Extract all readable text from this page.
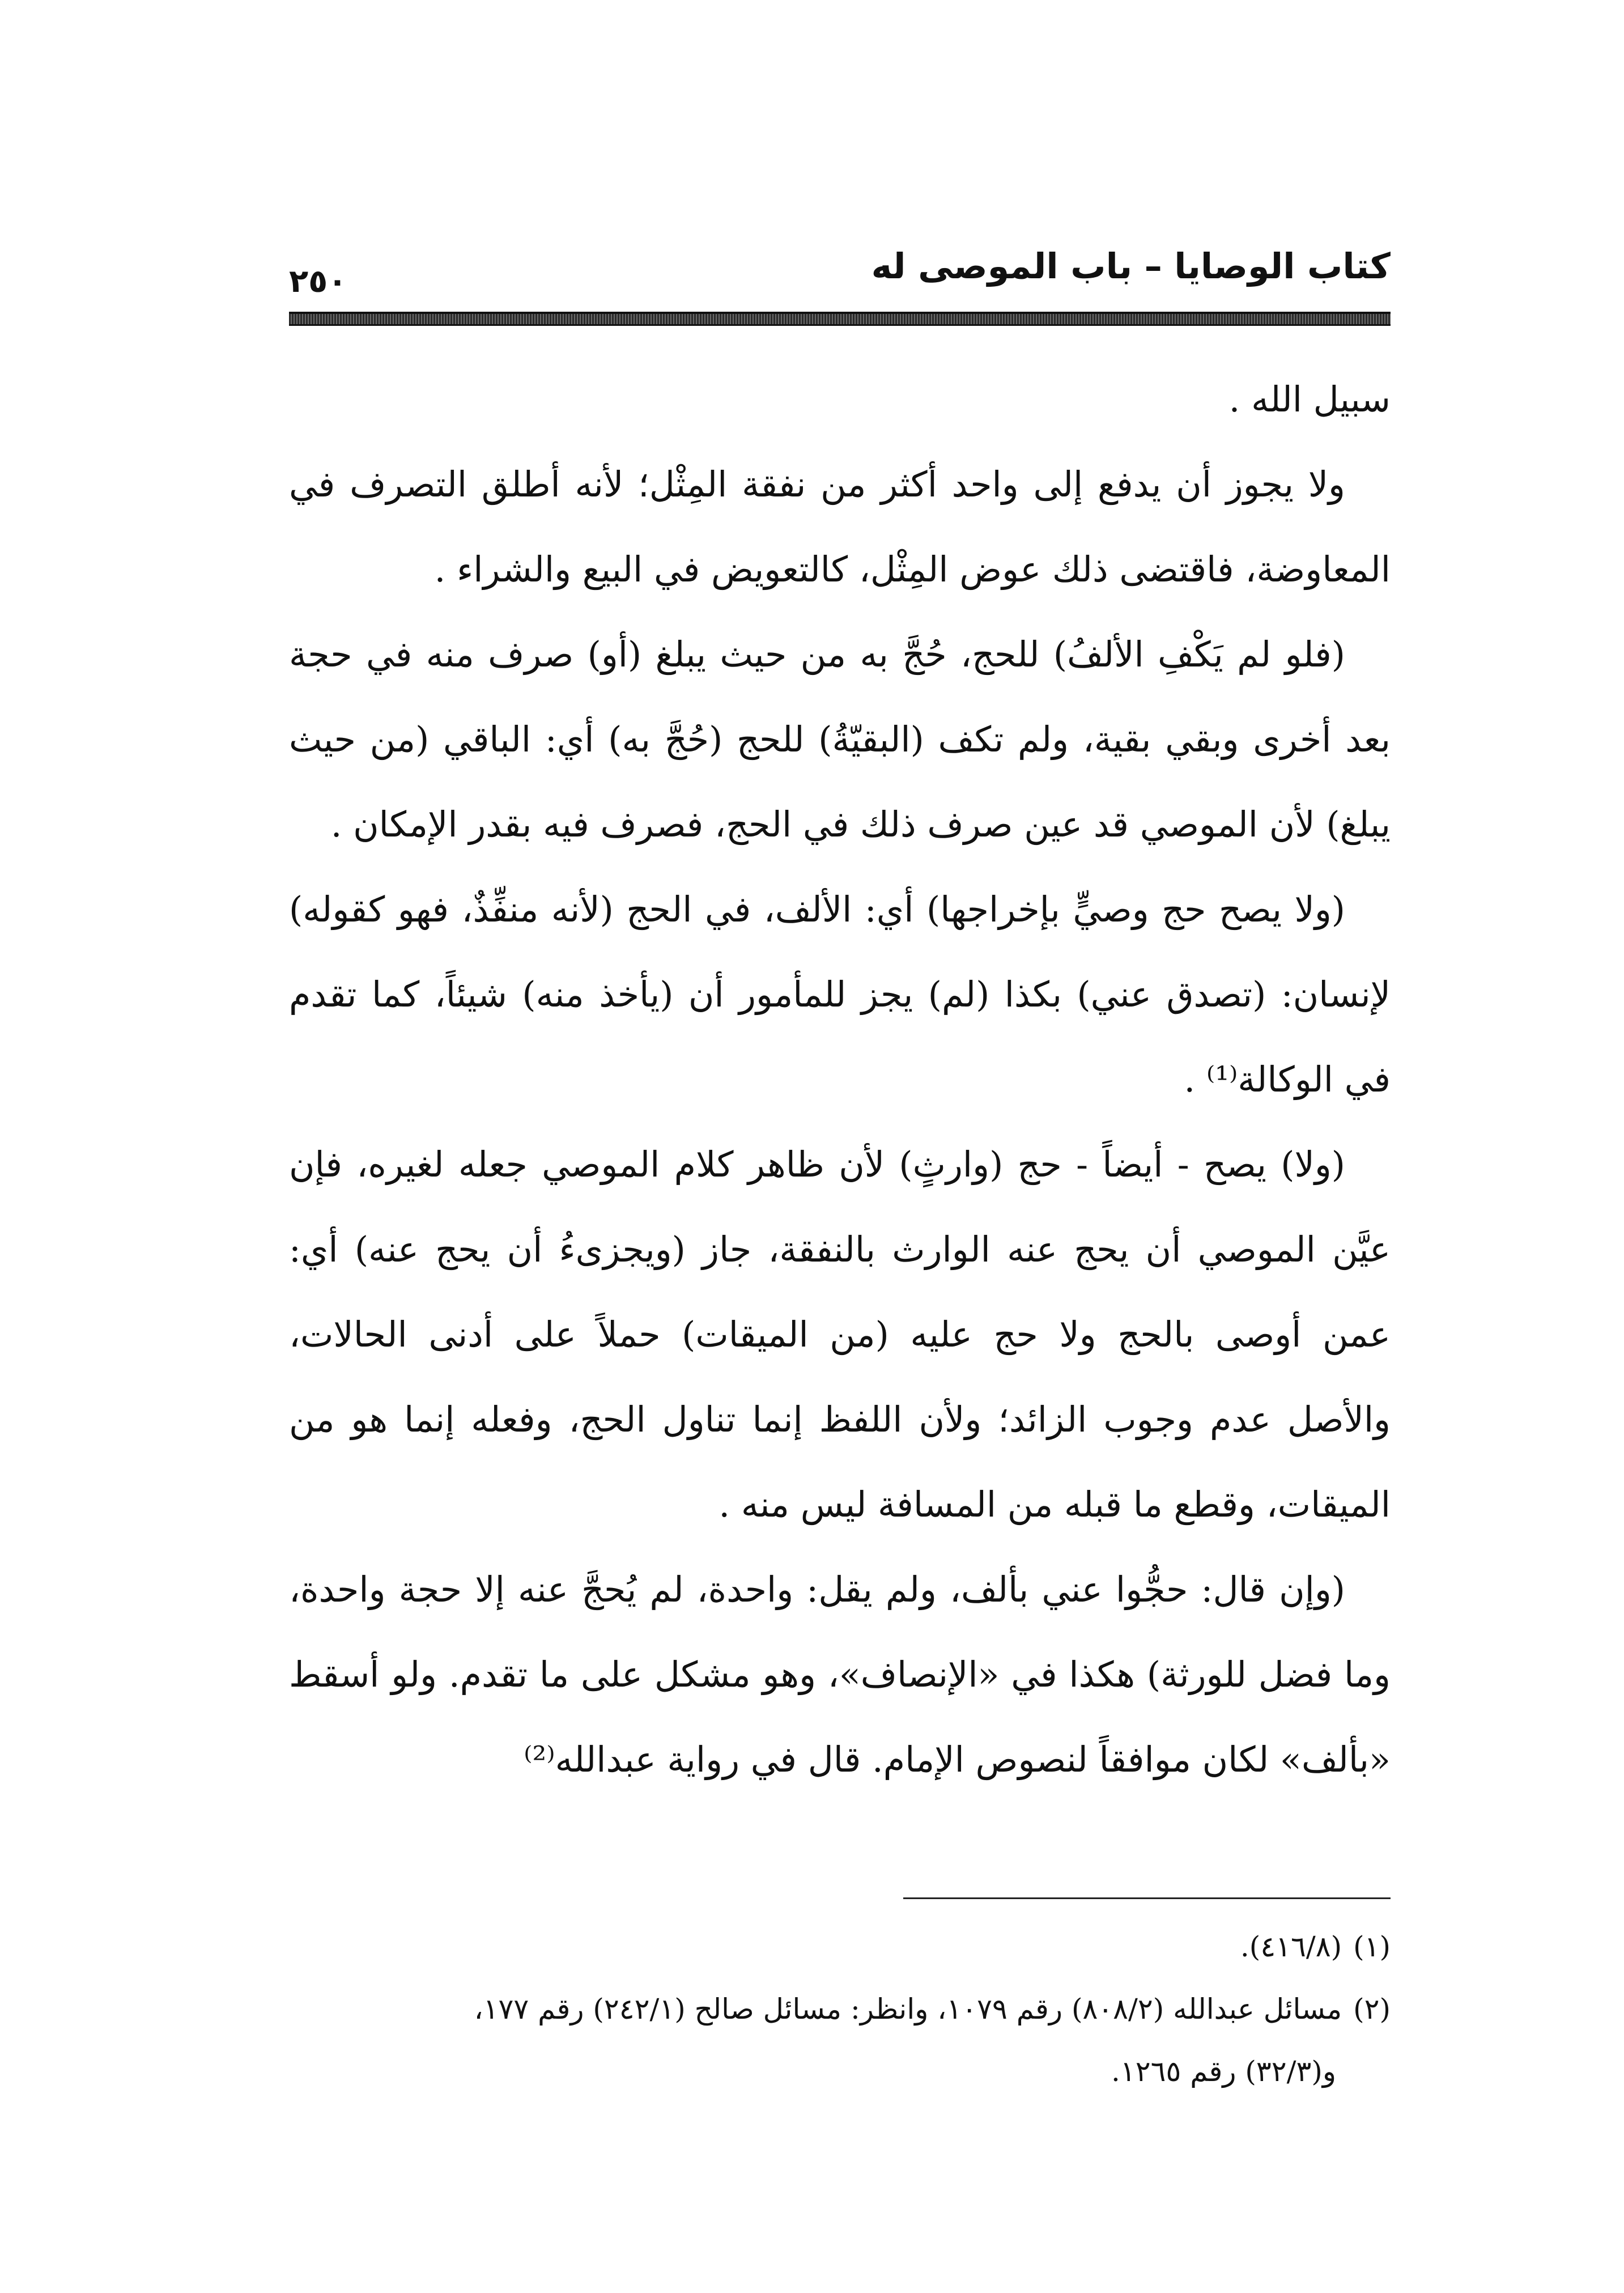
كتاب الوصايا – باب الموصى له
٢٥٠

سبيل الله .

ولا يجوز أن يدفع إلى واحد أكثر من نفقة المِثْل؛ لأنه أطلق التصرف في المعاوضة، فاقتضى ذلك عوض المِثْل، كالتعويض في البيع والشراء .

(فلو لم يَكْفِ الألفُ) للحج، حُجَّ به من حيث يبلغ (أو) صرف منه في حجة بعد أخرى وبقي بقية، ولم تكف (البقيّةُ) للحج (حُجَّ به) أي: الباقي (من حيث يبلغ) لأن الموصي قد عين صرف ذلك في الحج، فصرف فيه بقدر الإمكان .

(ولا يصح حج وصيٍّ بإخراجها) أي: الألف، في الحج (لأنه منفِّذٌ، فهو كقوله) لإنسان: (تصدق عني) بكذا (لم) يجز للمأمور أن (يأخذ منه) شيئاً، كما تقدم في الوكالة⁽¹⁾ .

(ولا) يصح - أيضاً - حج (وارثٍ) لأن ظاهر كلام الموصي جعله لغيره، فإن عيَّن الموصي أن يحج عنه الوارث بالنفقة، جاز (ويجزىءُ أن يحج عنه) أي: عمن أوصى بالحج ولا حج عليه (من الميقات) حملاً على أدنى الحالات، والأصل عدم وجوب الزائد؛ ولأن اللفظ إنما تناول الحج، وفعله إنما هو من الميقات، وقطع ما قبله من المسافة ليس منه .

(وإن قال: حجُّوا عني بألف، ولم يقل: واحدة، لم يُحجَّ عنه إلا حجة واحدة، وما فضل للورثة) هكذا في «الإنصاف»، وهو مشكل على ما تقدم. ولو أسقط «بألف» لكان موافقاً لنصوص الإمام. قال في رواية عبدالله⁽²⁾

(١)(٤١٦/٨).

(٢)مسائل عبدالله (٨٠٨/٢) رقم ١٠٧٩، وانظر: مسائل صالح (٢٤٢/١) رقم ١٧٧،

و(٣٢/٣) رقم ١٢٦٥.
